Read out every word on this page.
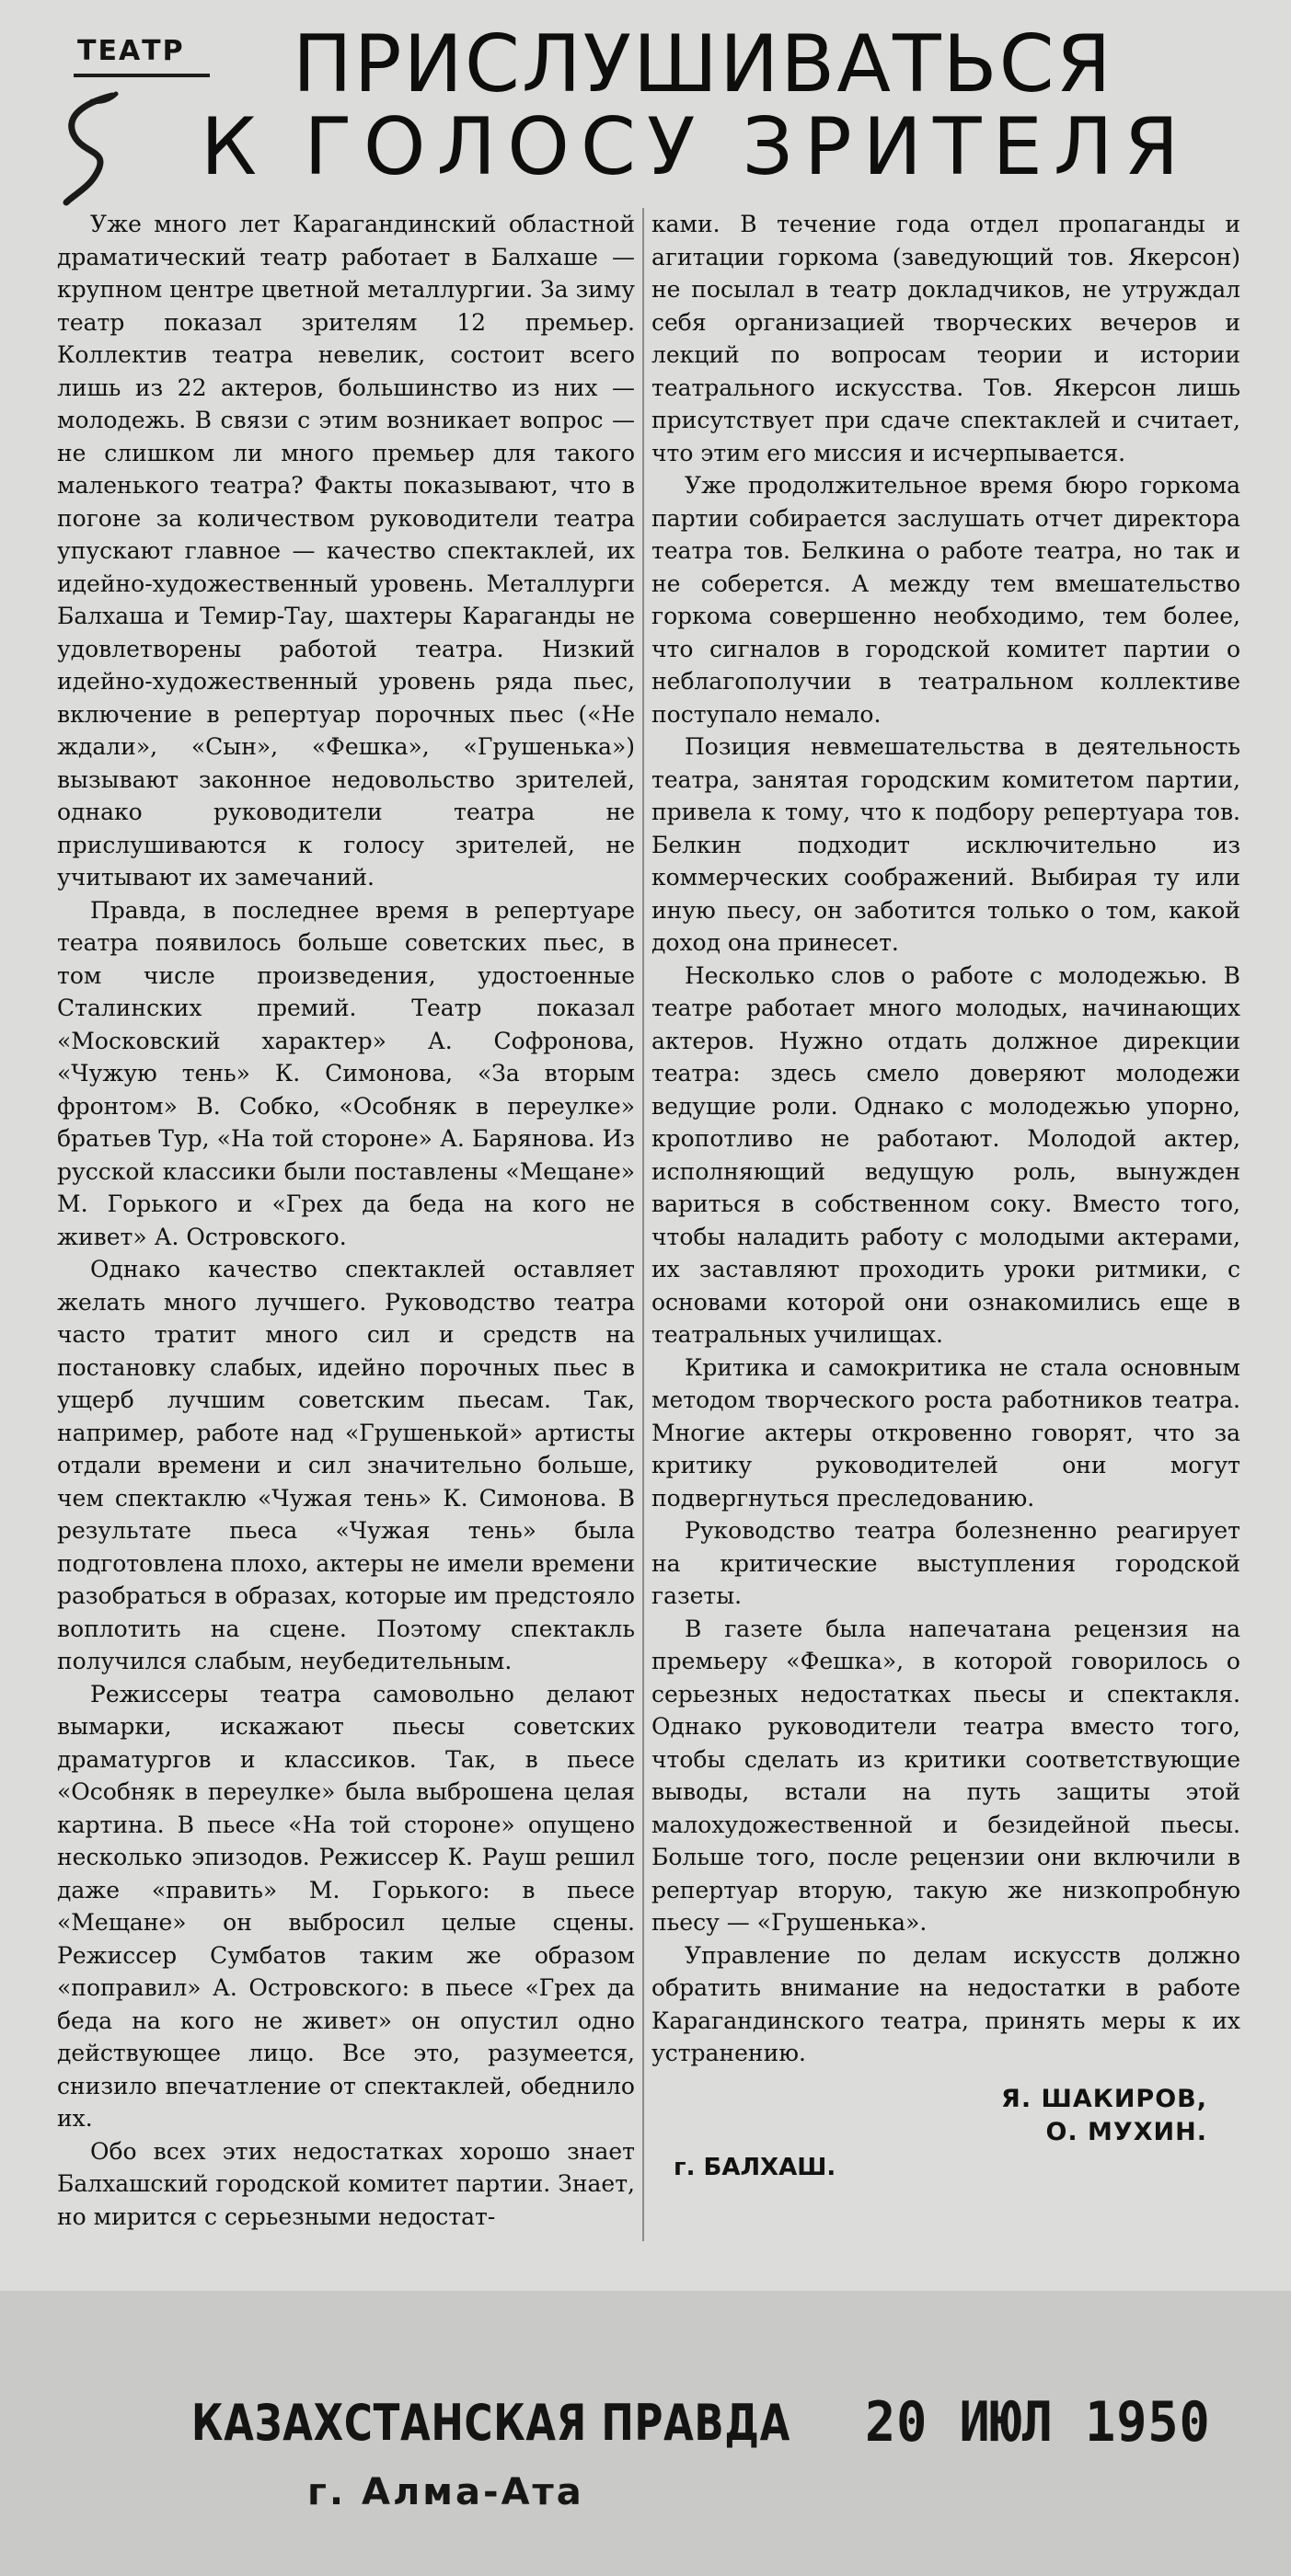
ТЕАТР ПРИСЛУШИВАТЬСЯ
К ГОЛОСУ ЗРИТЕЛЯ

Уже много лет Карагандинский областной драматический театр работает в Балхаше — крупном центре цветной металлургии. За зиму театр показал зрителям 12 премьер. Коллектив театра невелик, состоит всего лишь из 22 актеров, большинство из них — молодежь. В связи с этим возникает вопрос — не слишком ли много премьер для такого маленького театра? Факты показывают, что в погоне за количеством руководители театра упускают главное — качество спектаклей, их идейно-художественный уровень. Металлурги Балхаша и Темир-Тау, шахтеры Караганды не удовлетворены работой театра. Низкий идейно-художественный уровень ряда пьес, включение в репертуар порочных пьес («Не ждали», «Сын», «Фешка», «Грушенька») вызывают законное недовольство зрителей, однако руководители театра не прислушиваются к голосу зрителей, не учитывают их замечаний.

Правда, в последнее время в репертуаре театра появилось больше советских пьес, в том числе произведения, удостоенные Сталинских премий. Театр показал «Московский характер» А. Софронова, «Чужую тень» К. Симонова, «За вторым фронтом» В. Собко, «Особняк в переулке» братьев Тур, «На той стороне» А. Барянова. Из русской классики были поставлены «Мещане» М. Горького и «Грех да беда на кого не живет» А. Островского.

Однако качество спектаклей оставляет желать много лучшего. Руководство театра часто тратит много сил и средств на постановку слабых, идейно порочных пьес в ущерб лучшим советским пьесам. Так, например, работе над «Грушенькой» артисты отдали времени и сил значительно больше, чем спектаклю «Чужая тень» К. Симонова. В результате пьеса «Чужая тень» была подготовлена плохо, актеры не имели времени разобраться в образах, которые им предстояло воплотить на сцене. Поэтому спектакль получился слабым, неубедительным.

Режиссеры театра самовольно делают вымарки, искажают пьесы советских драматургов и классиков. Так, в пьесе «Особняк в переулке» была выброшена целая картина. В пьесе «На той стороне» опущено несколько эпизодов. Режиссер К. Рауш решил даже «править» М. Горького: в пьесе «Мещане» он выбросил целые сцены. Режиссер Сумбатов таким же образом «поправил» А. Островского: в пьесе «Грех да беда на кого не живет» он опустил одно действующее лицо. Все это, разумеется, снизило впечатление от спектаклей, обеднило их.

Обо всех этих недостатках хорошо знает Балхашский городской комитет партии. Знает, но мирится с серьезными недостат-

ками. В течение года отдел пропаганды и агитации горкома (заведующий тов. Якерсон) не посылал в театр докладчиков, не утруждал себя организацией творческих вечеров и лекций по вопросам теории и истории театрального искусства. Тов. Якерсон лишь присутствует при сдаче спектаклей и считает, что этим его миссия и исчерпывается.

Уже продолжительное время бюро горкома партии собирается заслушать отчет директора театра тов. Белкина о работе театра, но так и не соберется. А между тем вмешательство горкома совершенно необходимо, тем более, что сигналов в городской комитет партии о неблагополучии в театральном коллективе поступало немало.

Позиция невмешательства в деятельность театра, занятая городским комитетом партии, привела к тому, что к подбору репертуара тов. Белкин подходит исключительно из коммерческих соображений. Выбирая ту или иную пьесу, он заботится только о том, какой доход она принесет.

Несколько слов о работе с молодежью. В театре работает много молодых, начинающих актеров. Нужно отдать должное дирекции театра: здесь смело доверяют молодежи ведущие роли. Однако с молодежью упорно, кропотливо не работают. Молодой актер, исполняющий ведущую роль, вынужден вариться в собственном соку. Вместо того, чтобы наладить работу с молодыми актерами, их заставляют проходить уроки ритмики, с основами которой они ознакомились еще в театральных училищах.

Критика и самокритика не стала основным методом творческого роста работников театра. Многие актеры откровенно говорят, что за критику руководителей они могут подвергнуться преследованию.

Руководство театра болезненно реагирует на критические выступления городской газеты.

В газете была напечатана рецензия на премьеру «Фешка», в которой говорилось о серьезных недостатках пьесы и спектакля. Однако руководители театра вместо того, чтобы сделать из критики соответствующие выводы, встали на путь защиты этой малохудожественной и безидейной пьесы. Больше того, после рецензии они включили в репертуар вторую, такую же низкопробную пьесу — «Грушенька».

Управление по делам искусств должно обратить внимание на недостатки в работе Карагандинского театра, принять меры к их устранению.

Я. ШАКИРОВ,
О. МУХИН.
г. БАЛХАШ.
КАЗАХСТАНСКАЯ ПРАВДА
г. Алма-Ата
20 ИЮЛ 1950
